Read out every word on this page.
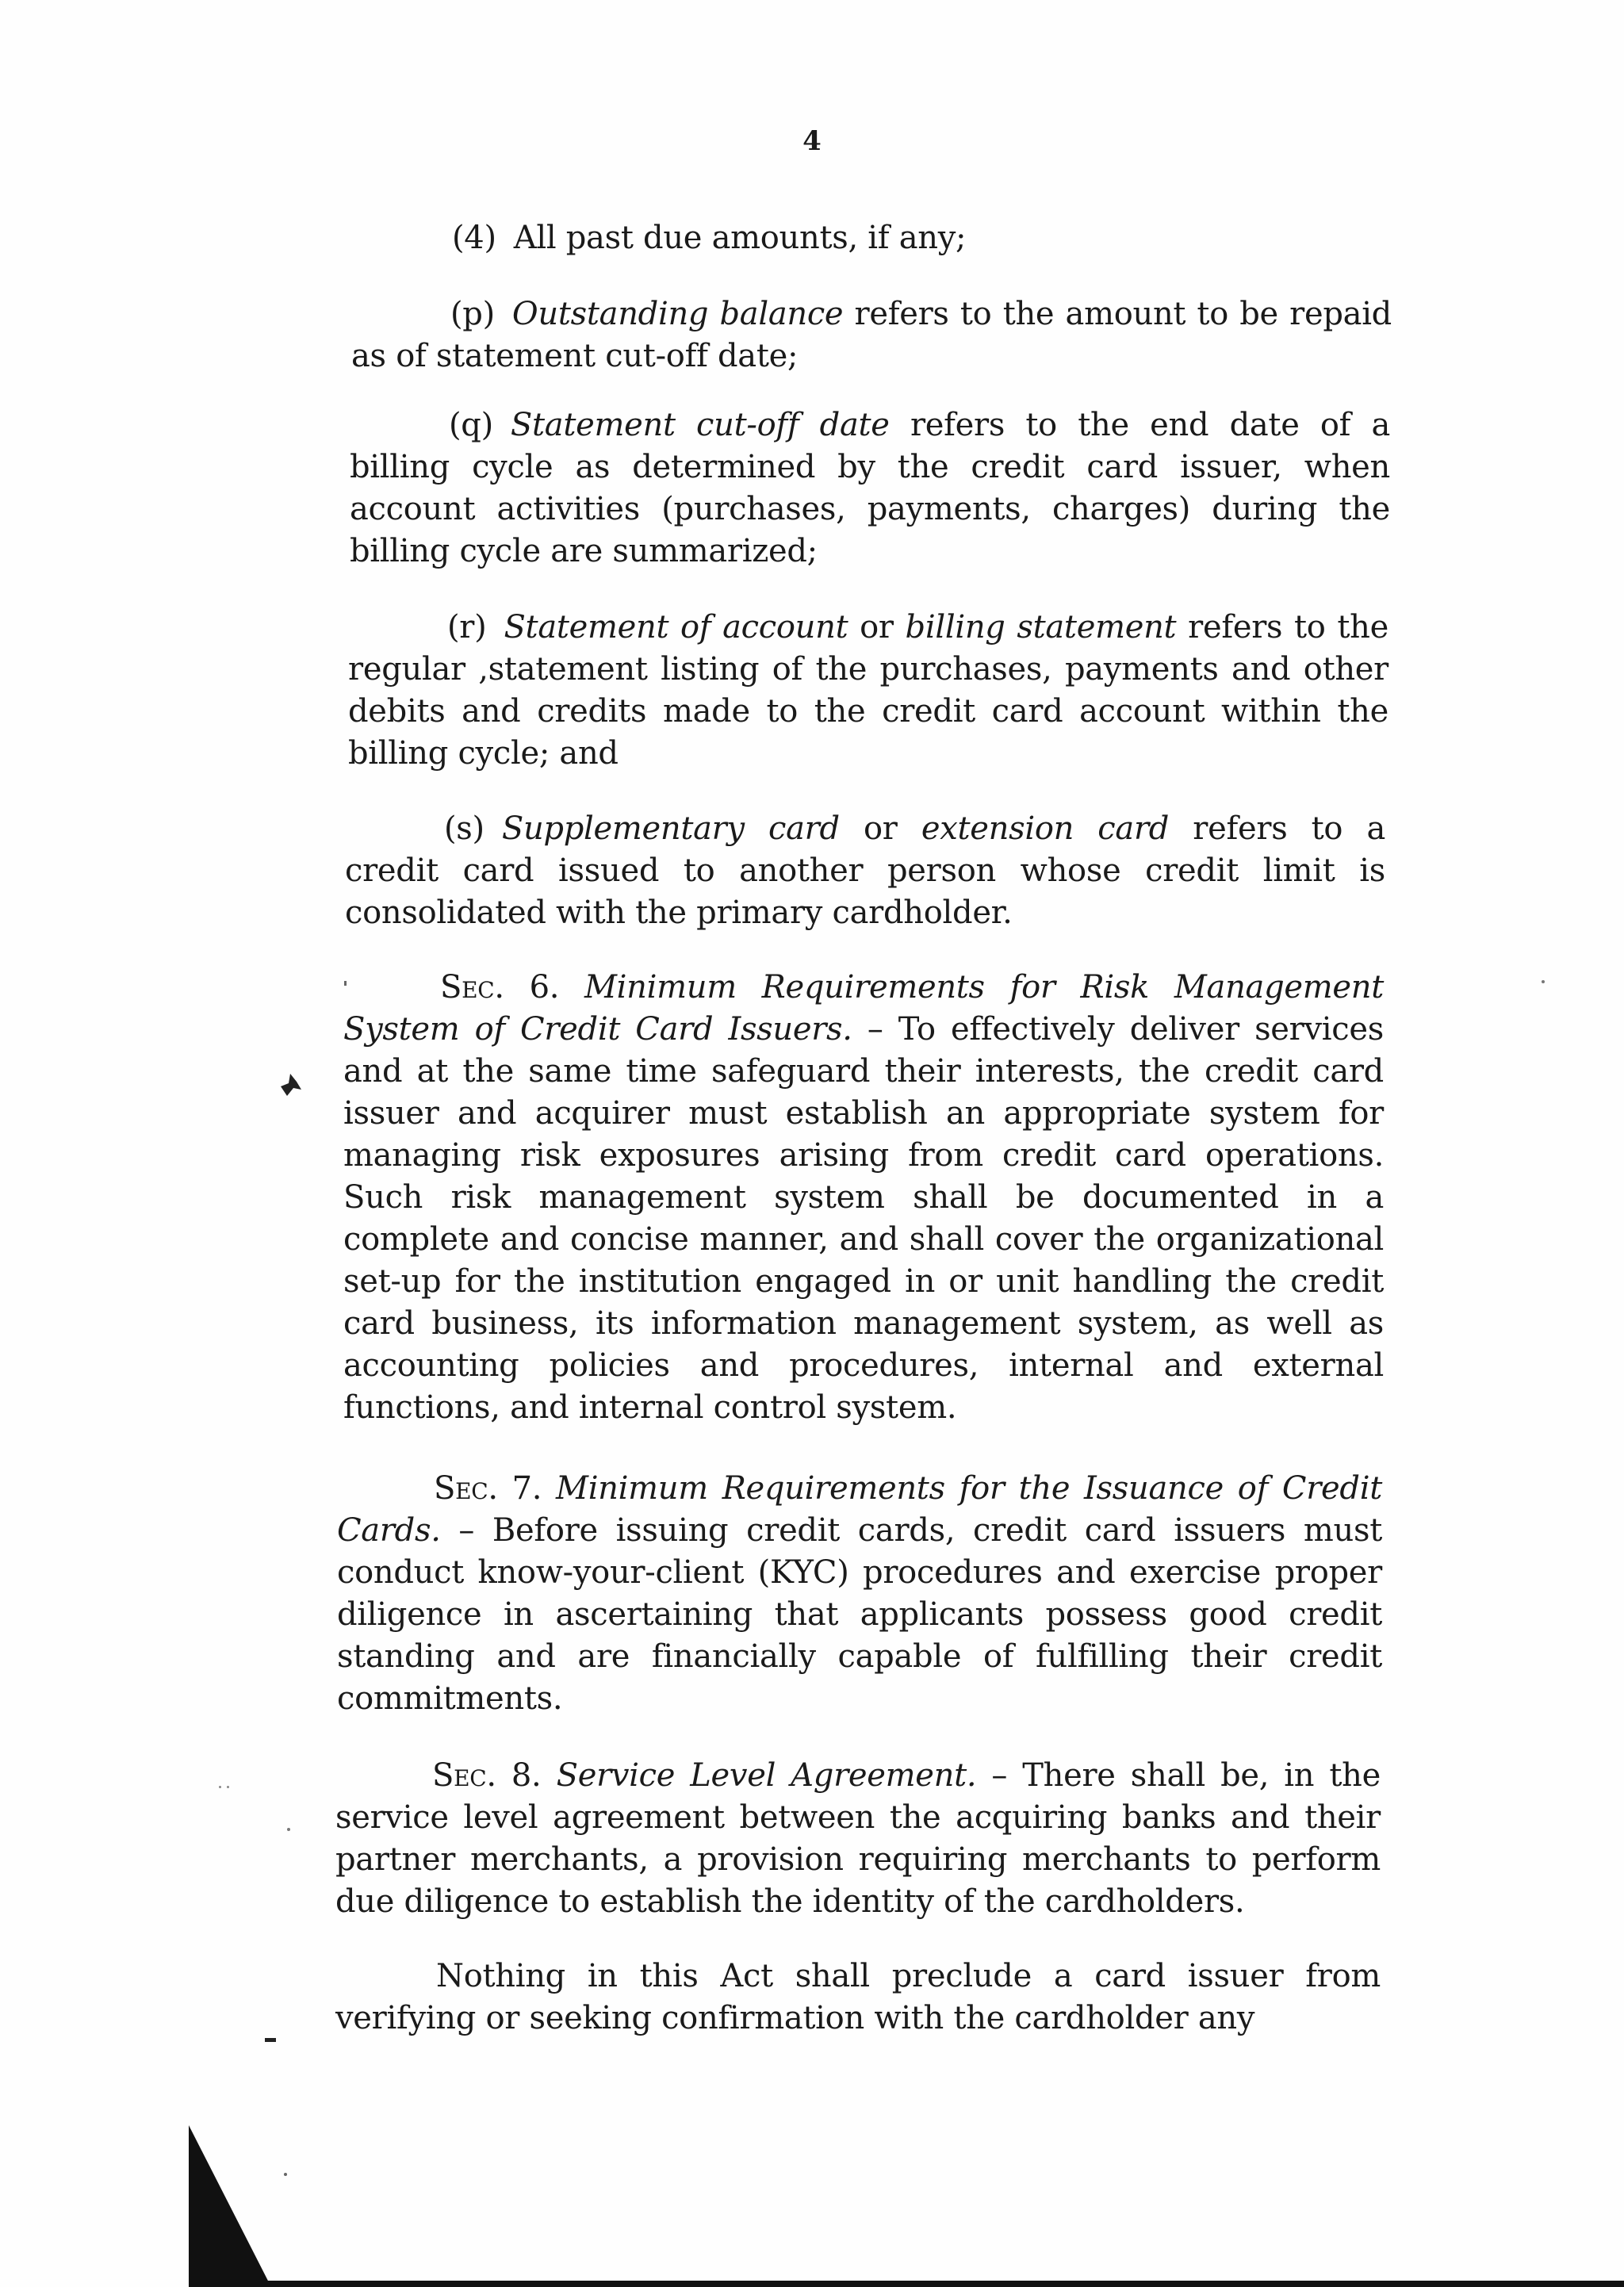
4

(4) All past due amounts, if any;

(p) Outstanding balance refers to the amount to be repaid as of statement cut-off date;

(q) Statement cut-off date refers to the end date of a billing cycle as determined by the credit card issuer, when account activities (purchases, payments, charges) during the billing cycle are summarized;

(r) Statement of account or billing statement refers to the regular ,statement listing of the purchases, payments and other debits and credits made to the credit card account within the billing cycle; and

(s) Supplementary card or extension card refers to a credit card issued to another person whose credit limit is consolidated with the primary cardholder.

Sec. 6. Minimum Requirements for Risk Management System of Credit Card Issuers. – To effectively deliver services and at the same time safeguard their interests, the credit card issuer and acquirer must establish an appropriate system for managing risk exposures arising from credit card operations. Such risk management system shall be documented in a complete and concise manner, and shall cover the organizational set-up for the institution engaged in or unit handling the credit card business, its information management system, as well as accounting policies and procedures, internal and external functions, and internal control system.

Sec. 7. Minimum Requirements for the Issuance of Credit Cards. – Before issuing credit cards, credit card issuers must conduct know-your-client (KYC) procedures and exercise proper diligence in ascertaining that applicants possess good credit standing and are financially capable of fulfilling their credit commitments.

Sec. 8. Service Level Agreement. – There shall be, in the service level agreement between the acquiring banks and their partner merchants, a provision requiring merchants to perform due diligence to establish the identity of the cardholders.

Nothing in this Act shall preclude a card issuer from verifying or seeking confirmation with the cardholder any
